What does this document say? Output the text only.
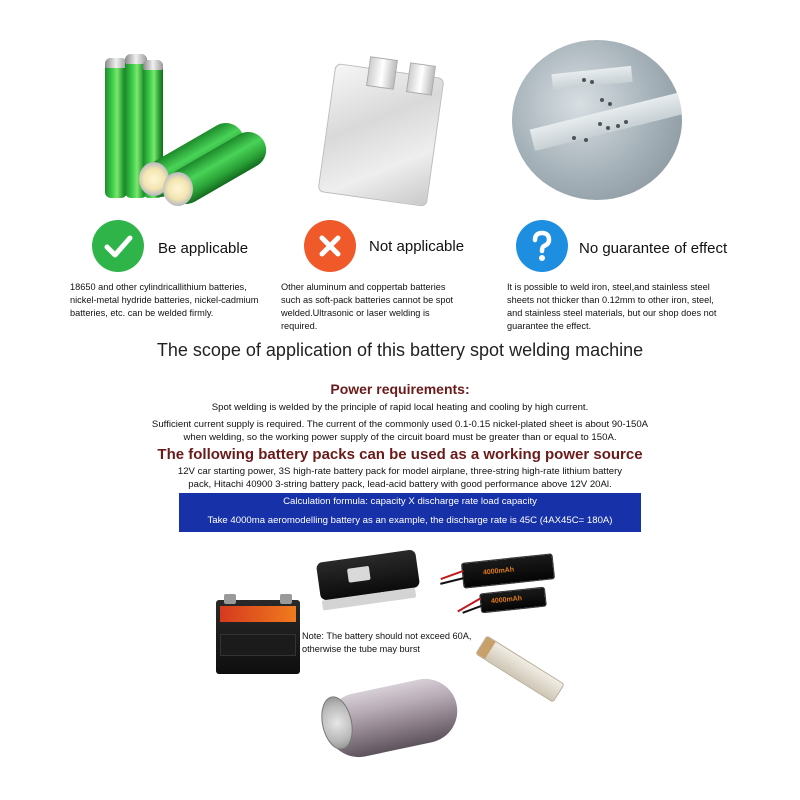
Be applicable
18650 and other cylindricallithium batteries,
nickel-metal hydride batteries, nickel-cadmium
batteries, etc. can be welded firmly.
Not applicable
Other aluminum and coppertab batteries
such as soft-pack batteries cannot be spot
welded.Ultrasonic or laser welding is
required.
No guarantee of effect
It is possible to weld iron, steel,and stainless steel
sheets not thicker than 0.12mm to other iron, steel,
and stainless steel materials, but our shop does not
guarantee the effect.
The scope of application of this battery spot welding machine
Power requirements:
Spot welding is welded by the principle of rapid local heating and cooling by high current.
Sufficient current supply is required. The current of the commonly used 0.1-0.15 nickel-plated sheet is about 90-150A
when welding, so the working power supply of the circuit board must be greater than or equal to 150A.
The following battery packs can be used as a working power source
12V car starting power, 3S high-rate battery pack for model airplane, three-string high-rate lithium battery
pack, Hitachi 40900 3-string battery pack, lead-acid battery with good performance above 12V 20Al.
Calculation formula: capacity X discharge rate load capacity
Take 4000ma aeromodelling battery as an example, the discharge rate is 45C (4AX45C= 180A)
4000mAh
4000mAh
Note: The battery should not exceed 60A,
otherwise the tube may burst
